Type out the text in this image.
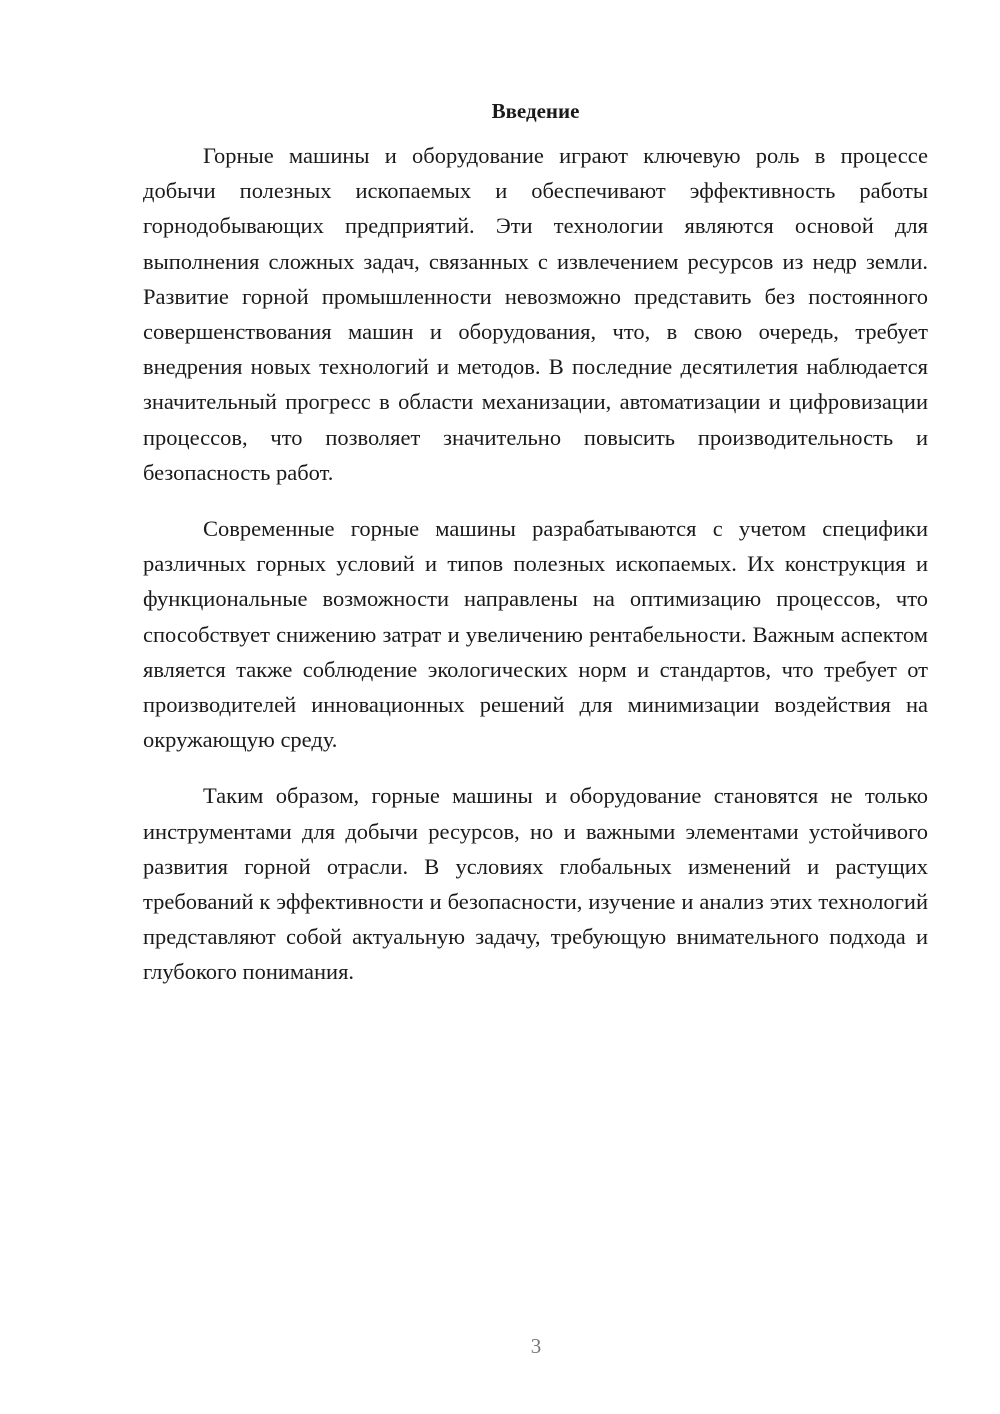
Введение

Горные машины и оборудование играют ключевую роль в процессе добычи полезных ископаемых и обеспечивают эффективность работы горнодобывающих предприятий. Эти технологии являются основой для выполнения сложных задач, связанных с извлечением ресурсов из недр земли. Развитие горной промышленности невозможно представить без постоянного совершенствования машин и оборудования, что, в свою очередь, требует внедрения новых технологий и методов. В последние десятилетия наблюдается значительный прогресс в области механизации, автоматизации и цифровизации процессов, что позволяет значительно повысить производительность и безопасность работ.

Современные горные машины разрабатываются с учетом специфики различных горных условий и типов полезных ископаемых. Их конструкция и функциональные возможности направлены на оптимизацию процессов, что способствует снижению затрат и увеличению рентабельности. Важным аспектом является также соблюдение экологических норм и стандартов, что требует от производителей инновационных решений для минимизации воздействия на окружающую среду.

Таким образом, горные машины и оборудование становятся не только инструментами для добычи ресурсов, но и важными элементами устойчивого развития горной отрасли. В условиях глобальных изменений и растущих требований к эффективности и безопасности, изучение и анализ этих технологий представляют собой актуальную задачу, требующую внимательного подхода и глубокого понимания.

3
